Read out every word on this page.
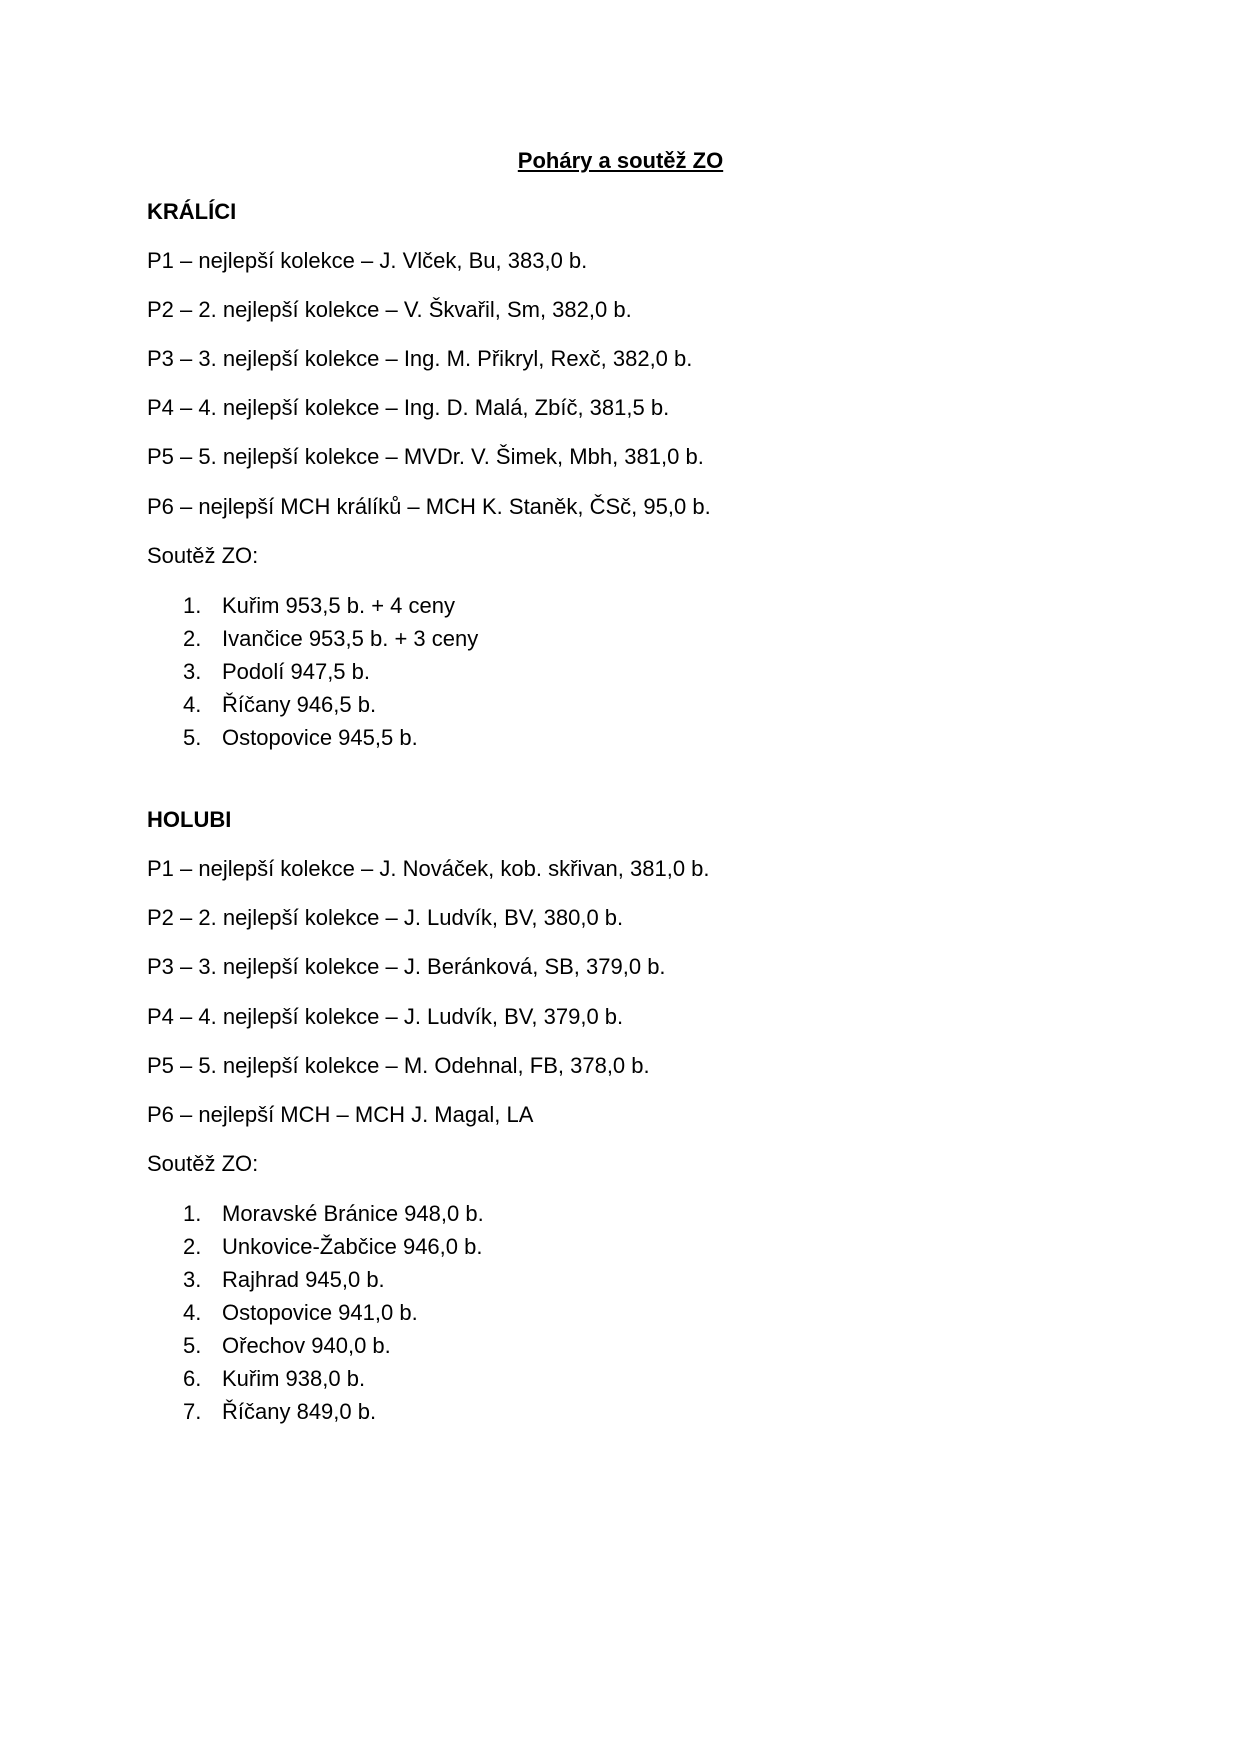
Poháry a soutěž ZO
KRÁLÍCI
P1 – nejlepší kolekce – J. Vlček, Bu, 383,0 b.
P2 – 2. nejlepší kolekce – V. Škvařil, Sm, 382,0 b.
P3 – 3. nejlepší kolekce – Ing. M. Přikryl, Rexč, 382,0 b.
P4 – 4. nejlepší kolekce – Ing. D. Malá, Zbíč, 381,5 b.
P5 – 5. nejlepší kolekce – MVDr. V. Šimek, Mbh, 381,0 b.
P6 – nejlepší MCH králíků – MCH K. Staněk, ČSč, 95,0 b.
Soutěž ZO:
1. Kuřim 953,5 b. + 4 ceny
2. Ivančice 953,5 b. + 3 ceny
3. Podolí 947,5 b.
4. Říčany 946,5 b.
5. Ostopovice 945,5 b.
HOLUBI
P1 – nejlepší kolekce – J. Nováček, kob. skřivan, 381,0 b.
P2 – 2. nejlepší kolekce – J. Ludvík, BV, 380,0 b.
P3 – 3. nejlepší kolekce – J. Beránková, SB, 379,0 b.
P4 – 4. nejlepší kolekce – J. Ludvík, BV, 379,0 b.
P5 – 5. nejlepší kolekce – M. Odehnal, FB, 378,0 b.
P6 – nejlepší MCH – MCH J. Magal, LA
Soutěž ZO:
1. Moravské Bránice 948,0 b.
2. Unkovice-Žabčice 946,0 b.
3. Rajhrad 945,0 b.
4. Ostopovice 941,0 b.
5. Ořechov 940,0 b.
6. Kuřim 938,0 b.
7. Říčany 849,0 b.
